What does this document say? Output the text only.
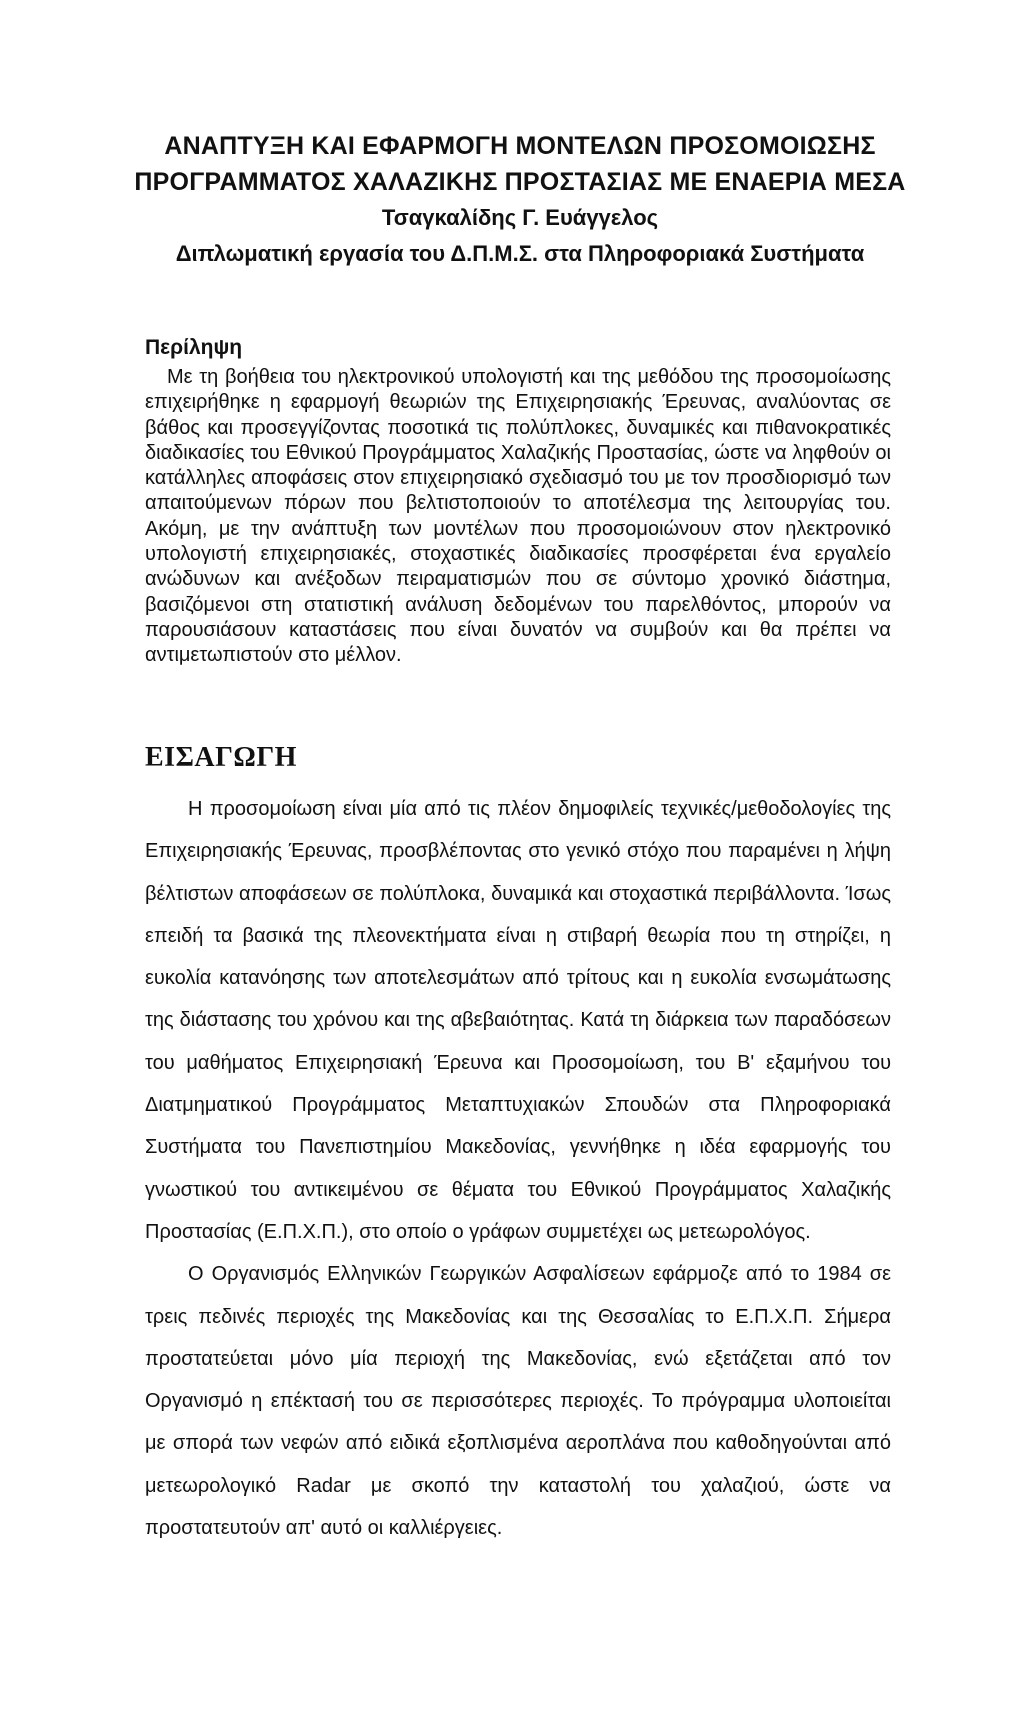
ΑΝΑΠΤΥΞΗ ΚΑΙ ΕΦΑΡΜΟΓΗ ΜΟΝΤΕΛΩΝ ΠΡΟΣΟΜΟΙΩΣΗΣ
ΠΡΟΓΡΑΜΜΑΤΟΣ ΧΑΛΑΖΙΚΗΣ ΠΡΟΣΤΑΣΙΑΣ ΜΕ ΕΝΑΕΡΙΑ ΜΕΣΑ
Τσαγκαλίδης Γ. Ευάγγελος
Διπλωματική εργασία του Δ.Π.Μ.Σ. στα Πληροφοριακά Συστήματα
Περίληψη

Με τη βοήθεια του ηλεκτρονικού υπολογιστή και της μεθόδου της προσομοίωσης επιχειρήθηκε η εφαρμογή θεωριών της Επιχειρησιακής Έρευνας, αναλύοντας σε βάθος και προσεγγίζοντας ποσοτικά τις πολύπλοκες, δυναμικές και πιθανοκρατικές διαδικασίες του Εθνικού Προγράμματος Χαλαζικής Προστασίας, ώστε να ληφθούν οι κατάλληλες αποφάσεις στον επιχειρησιακό σχεδιασμό του με τον προσδιορισμό των απαιτούμενων πόρων που βελτιστοποιούν το αποτέλεσμα της λειτουργίας του. Ακόμη, με την ανάπτυξη των μοντέλων που προσομοιώνουν στον ηλεκτρονικό υπολογιστή επιχειρησιακές, στοχαστικές διαδικασίες προσφέρεται ένα εργαλείο ανώδυνων και ανέξοδων πειραματισμών που σε σύντομο χρονικό διάστημα, βασιζόμενοι στη στατιστική ανάλυση δεδομένων του παρελθόντος, μπορούν να παρουσιάσουν καταστάσεις που είναι δυνατόν να συμβούν και θα πρέπει να αντιμετωπιστούν στο μέλλον.

ΕΙΣΑΓΩΓΗ

Η προσομοίωση είναι μία από τις πλέον δημοφιλείς τεχνικές/μεθοδολογίες της Επιχειρησιακής Έρευνας, προσβλέποντας στο γενικό στόχο που παραμένει η λήψη βέλτιστων αποφάσεων σε πολύπλοκα, δυναμικά και στοχαστικά περιβάλλοντα. Ίσως επειδή τα βασικά της πλεονεκτήματα είναι η στιβαρή θεωρία που τη στηρίζει, η ευκολία κατανόησης των αποτελεσμάτων από τρίτους και η ευκολία ενσωμάτωσης της διάστασης του χρόνου και της αβεβαιότητας. Κατά τη διάρκεια των παραδόσεων του μαθήματος Επιχειρησιακή Έρευνα και Προσομοίωση, του Β' εξαμήνου του Διατμηματικού Προγράμματος Μεταπτυχιακών Σπουδών στα Πληροφοριακά Συστήματα του Πανεπιστημίου Μακεδονίας, γεννήθηκε η ιδέα εφαρμογής του γνωστικού του αντικειμένου σε θέματα του Εθνικού Προγράμματος Χαλαζικής Προστασίας (Ε.Π.Χ.Π.), στο οποίο ο γράφων συμμετέχει ως μετεωρολόγος.

Ο Οργανισμός Ελληνικών Γεωργικών Ασφαλίσεων εφάρμοζε από το 1984 σε τρεις πεδινές περιοχές της Μακεδονίας και της Θεσσαλίας το Ε.Π.Χ.Π. Σήμερα προστατεύεται μόνο μία περιοχή της Μακεδονίας, ενώ εξετάζεται από τον Οργανισμό η επέκτασή του σε περισσότερες περιοχές. Το πρόγραμμα υλοποιείται με σπορά των νεφών από ειδικά εξοπλισμένα αεροπλάνα που καθοδηγούνται από μετεωρολογικό Radar με σκοπό την καταστολή του χαλαζιού, ώστε να προστατευτούν απ' αυτό οι καλλιέργειες.
